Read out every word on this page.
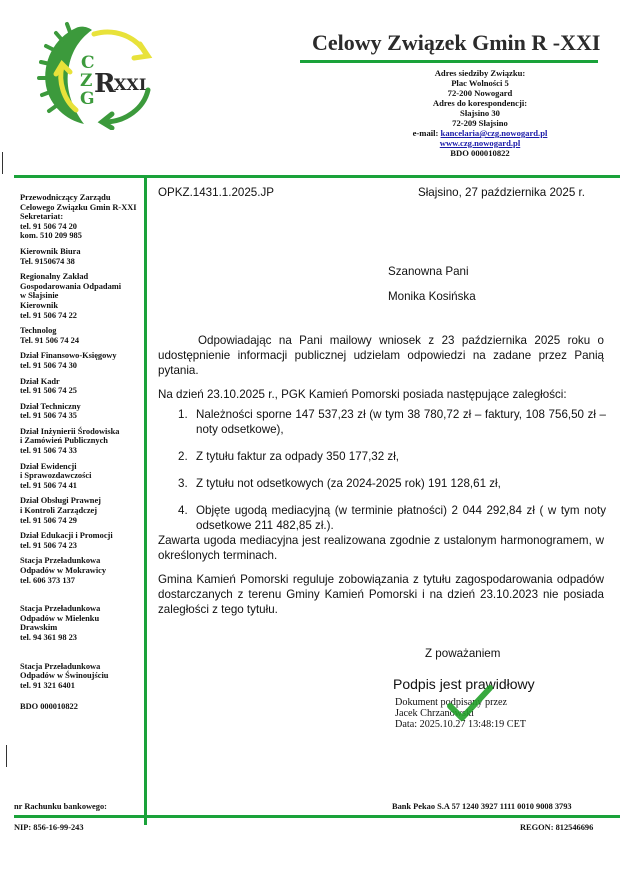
C
Z
G R
XXI
Celowy Związek Gmin R -XXI
Adres siedziby Związku:
Plac Wolności 5
72-200 Nowogard
Adres do korespondencji:
Słajsino 30
72-209 Słajsino
e-mail: kancelaria@czg.nowogard.pl
www.czg.nowogard.pl
BDO 000010822
Przewodniczący Zarządu
Celowego Związku Gmin R-XXI
Sekretariat:
tel. 91 506 74 20
kom. 510 209 985
Kierownik Biura
Tel. 9150674 38
Regionalny Zakład
Gospodarowania Odpadami
w Słajsinie
Kierownik
tel. 91 506 74 22
Technolog
Tel. 91 506 74 24
Dział Finansowo-Księgowy
tel. 91 506 74 30
Dział Kadr
tel. 91 506 74 25
Dział Techniczny
tel. 91 506 74 35
Dział Inżynierii Środowiska
i Zamówień Publicznych
tel. 91 506 74 33
Dział Ewidencji
i Sprawozdawczości
tel. 91 506 74 41
Dział Obsługi Prawnej
i Kontroli Zarządczej
tel. 91 506 74 29
Dział Edukacji i Promocji
tel. 91 506 74 23
Stacja Przeładunkowa
Odpadów w Mokrawicy
tel. 606 373 137
Stacja Przeładunkowa
Odpadów w Mielenku
Drawskim
tel. 94 361 98 23
Stacja Przeładunkowa
Odpadów w Świnoujściu
tel. 91 321 6401
BDO 000010822
OPKZ.1431.1.2025.JP	Słajsino, 27 października 2025 r.
Szanowna Pani
Monika Kosińska
Odpowiadając na Pani mailowy wniosek z 23 października 2025 roku o udostępnienie informacji publicznej udzielam odpowiedzi na zadane przez Panią pytania.
Na dzień 23.10.2025 r., PGK Kamień Pomorski posiada następujące zaległości:
1. Należności sporne 147 537,23 zł (w tym 38 780,72 zł – faktury, 108 756,50 zł – noty odsetkowe),
2. Z tytułu faktur za odpady 350 177,32 zł,
3. Z tytułu not odsetkowych (za 2024-2025 rok) 191 128,61 zł,
4. Objęte ugodą mediacyjną (w terminie płatności) 2 044 292,84 zł ( w tym noty odsetkowe 211 482,85 zł.).
Zawarta ugoda mediacyjna jest realizowana zgodnie z ustalonym harmonogramem, w określonych terminach.
Gmina Kamień Pomorski reguluje zobowiązania z tytułu zagospodarowania odpadów dostarczanych z terenu Gminy Kamień Pomorski i na dzień 23.10.2023 nie posiada zaległości z tego tytułu.
Z poważaniem
Podpis jest prawidłowy
Dokument podpisany przez
Jacek Chrzanowski
Data: 2025.10.27 13:48:19 CET
nr Rachunku bankowego:	Bank Pekao S.A 57 1240 3927 1111 0010 9008 3793
NIP: 856-16-99-243	REGON: 812546696
